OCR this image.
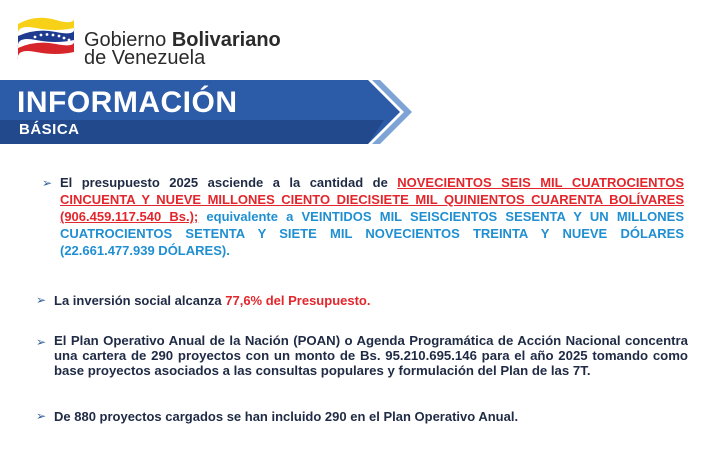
Gobierno Bolivariano
de Venezuela
INFORMACIÓN
BÁSICA
➢ El presupuesto 2025 asciende a la cantidad de NOVECIENTOS SEIS MIL CUATROCIENTOS CINCUENTA Y NUEVE MILLONES CIENTO DIECISIETE MIL QUINIENTOS CUARENTA BOLÍVARES (906.459.117.540 Bs.); equivalente a VEINTIDOS MIL SEISCIENTOS SESENTA Y UN MILLONES CUATROCIENTOS SETENTA Y SIETE MIL NOVECIENTOS TREINTA Y NUEVE DÓLARES (22.661.477.939 DÓLARES).
➢ La inversión social alcanza 77,6% del Presupuesto.
➢ El Plan Operativo Anual de la Nación (POAN) o Agenda Programática de Acción Nacional concentra una cartera de 290 proyectos con un monto de Bs. 95.210.695.146 para el año 2025 tomando como base proyectos asociados a las consultas populares y formulación del Plan de las 7T.
➢ De 880 proyectos cargados se han incluido 290 en el Plan Operativo Anual.
